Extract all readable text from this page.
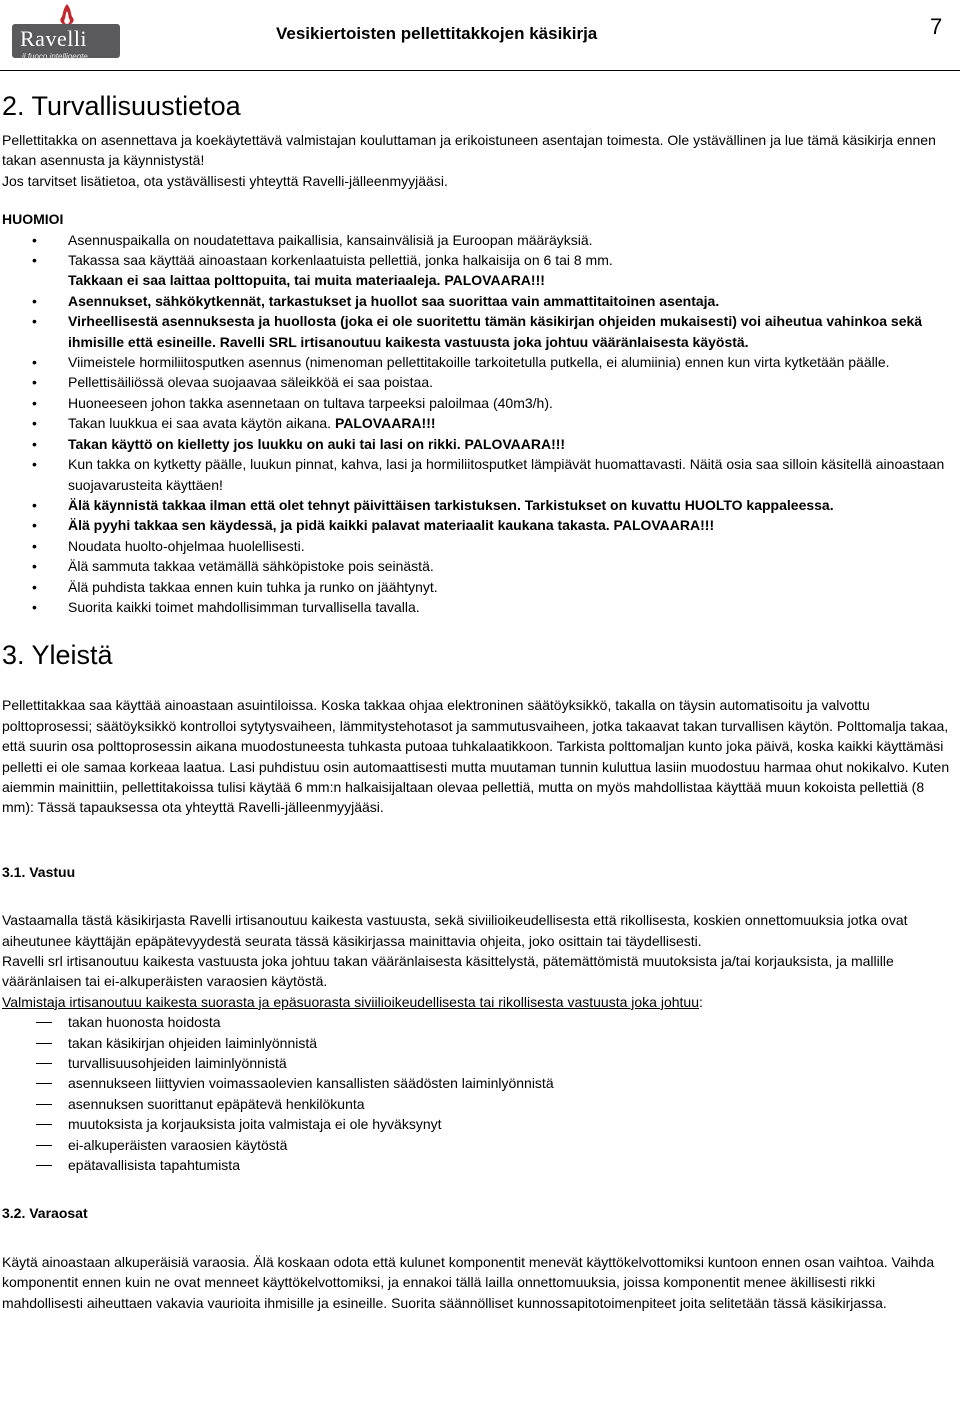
Ravelli
il fuoco intelligente
Vesikiertoisten pellettitakkojen käsikirja	7
2. Turvallisuustietoa

Pellettitakka on asennettava ja koekäytettävä valmistajan kouluttaman ja erikoistuneen asentajan toimesta. Ole ystävällinen ja lue tämä käsikirja ennen takan asennusta ja käynnistystä!

Jos tarvitset lisätietoa, ota ystävällisesti yhteyttä Ravelli-jälleenmyyjääsi.

HUOMIOI

• Asennuspaikalla on noudatettava paikallisia, kansainvälisiä ja Euroopan määräyksiä.
• Takassa saa käyttää ainoastaan korkenlaatuista pellettiä, jonka halkaisija on 6 tai 8 mm.
Takkaan ei saa laittaa polttopuita, tai muita materiaaleja. PALOVAARA!!!
• Asennukset, sähkökytkennät, tarkastukset ja huollot saa suorittaa vain ammattitaitoinen asentaja.
• Virheellisestä asennuksesta ja huollosta (joka ei ole suoritettu tämän käsikirjan ohjeiden mukaisesti) voi aiheutua vahinkoa sekä ihmisille että esineille. Ravelli SRL irtisanoutuu kaikesta vastuusta joka johtuu vääränlaisesta käyöstä.
• Viimeistele hormiliitosputken asennus (nimenoman pellettitakoille tarkoitetulla putkella, ei alumiinia) ennen kun virta kytketään päälle.
• Pellettisäiliössä olevaa suojaavaa säleikköä ei saa poistaa.
• Huoneeseen johon takka asennetaan on tultava tarpeeksi paloilmaa (40m3/h).
• Takan luukkua ei saa avata käytön aikana. PALOVAARA!!!
• Takan käyttö on kielletty jos luukku on auki tai lasi on rikki. PALOVAARA!!!
• Kun takka on kytketty päälle, luukun pinnat, kahva, lasi ja hormiliitosputket lämpiävät huomattavasti. Näitä osia saa silloin käsitellä ainoastaan suojavarusteita käyttäen!
• Älä käynnistä takkaa ilman että olet tehnyt päivittäisen tarkistuksen. Tarkistukset on kuvattu HUOLTO kappaleessa.
• Älä pyyhi takkaa sen käydessä, ja pidä kaikki palavat materiaalit kaukana takasta. PALOVAARA!!!
• Noudata huolto-ohjelmaa huolellisesti.
• Älä sammuta takkaa vetämällä sähköpistoke pois seinästä.
• Älä puhdista takkaa ennen kuin tuhka ja runko on jäähtynyt.
• Suorita kaikki toimet mahdollisimman turvallisella tavalla.
3. Yleistä

Pellettitakkaa saa käyttää ainoastaan asuintiloissa. Koska takkaa ohjaa elektroninen säätöyksikkö, takalla on täysin automatisoitu ja valvottu polttoprosessi; säätöyksikkö kontrolloi sytytysvaiheen, lämmitystehotasot ja sammutusvaiheen, jotka takaavat takan turvallisen käytön. Polttomalja takaa, että suurin osa polttoprosessin aikana muodostuneesta tuhkasta putoaa tuhkalaatikkoon. Tarkista polttomaljan kunto joka päivä, koska kaikki käyttämäsi pelletti ei ole samaa korkeaa laatua. Lasi puhdistuu osin automaattisesti mutta muutaman tunnin kuluttua lasiin muodostuu harmaa ohut nokikalvo. Kuten aiemmin mainittiin, pellettitakoissa tulisi käytää 6 mm:n halkaisijaltaan olevaa pellettiä, mutta on myös mahdollistaa käyttää muun kokoista pellettiä (8 mm): Tässä tapauksessa ota yhteyttä Ravelli-jälleenmyyjääsi.

3.1. Vastuu

Vastaamalla tästä käsikirjasta Ravelli irtisanoutuu kaikesta vastuusta, sekä siviilioikeudellisesta että rikollisesta, koskien onnettomuuksia jotka ovat aiheutunee käyttäjän epäpätevyydestä seurata tässä käsikirjassa mainittavia ohjeita, joko osittain tai täydellisesti.

Ravelli srl irtisanoutuu kaikesta vastuusta joka johtuu takan vääränlaisesta käsittelystä, pätemättömistä muutoksista ja/tai korjauksista, ja mallille vääränlaisen tai ei-alkuperäisten varaosien käytöstä.

Valmistaja irtisanoutuu kaikesta suorasta ja epäsuorasta siviilioikeudellisesta tai rikollisesta vastuusta joka johtuu:

takan huonosta hoidosta
takan käsikirjan ohjeiden laiminlyönnistä
turvallisuusohjeiden laiminlyönnistä
asennukseen liittyvien voimassaolevien kansallisten säädösten laiminlyönnistä
asennuksen suorittanut epäpätevä henkilökunta
muutoksista ja korjauksista joita valmistaja ei ole hyväksynyt
ei-alkuperäisten varaosien käytöstä
epätavallisista tapahtumista
3.2. Varaosat

Käytä ainoastaan alkuperäisiä varaosia. Älä koskaan odota että kulunet komponentit menevät käyttökelvottomiksi kuntoon ennen osan vaihtoa. Vaihda komponentit ennen kuin ne ovat menneet käyttökelvottomiksi, ja ennakoi tällä lailla onnettomuuksia, joissa komponentit menee äkillisesti rikki mahdollisesti aiheuttaen vakavia vaurioita ihmisille ja esineille. Suorita säännölliset kunnossapitotoimenpiteet joita selitetään tässä käsikirjassa.
